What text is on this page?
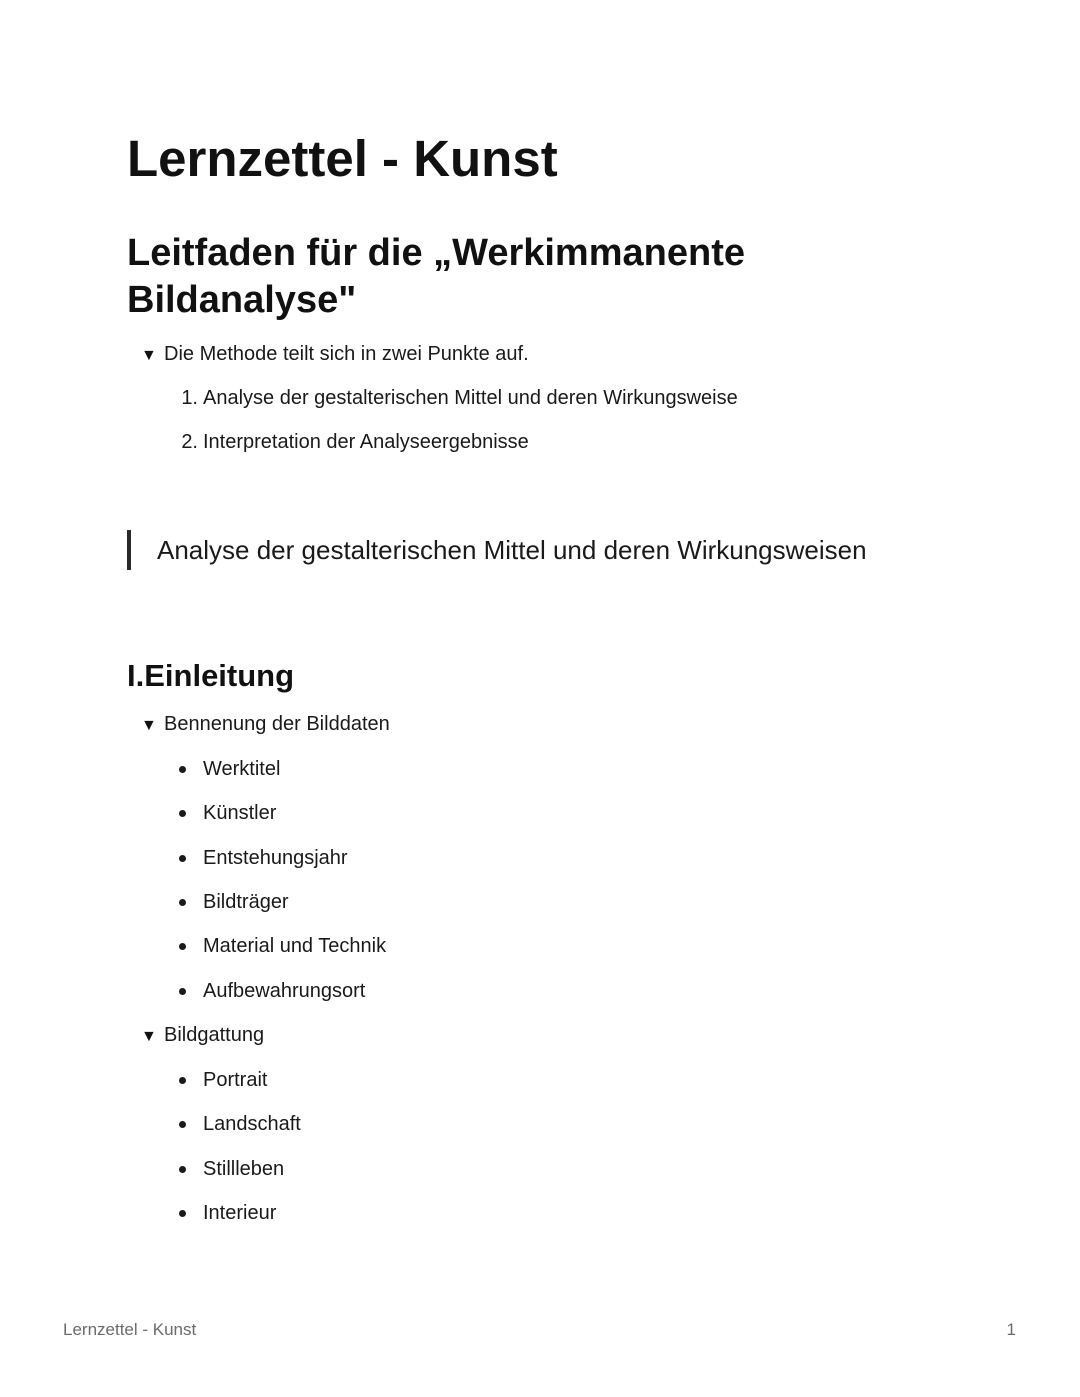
Lernzettel - Kunst
Leitfaden für die „Werkimmanente Bildanalyse"
▼ Die Methode teilt sich in zwei Punkte auf.
1. Analyse der gestalterischen Mittel und deren Wirkungsweise
2. Interpretation der Analyseergebnisse
Analyse der gestalterischen Mittel und deren Wirkungsweisen
I.Einleitung
▼ Bennenung der Bilddaten
Werktitel
Künstler
Entstehungsjahr
Bildträger
Material und Technik
Aufbewahrungsort
▼ Bildgattung
Portrait
Landschaft
Stillleben
Interieur
Lernzettel - Kunst	1
